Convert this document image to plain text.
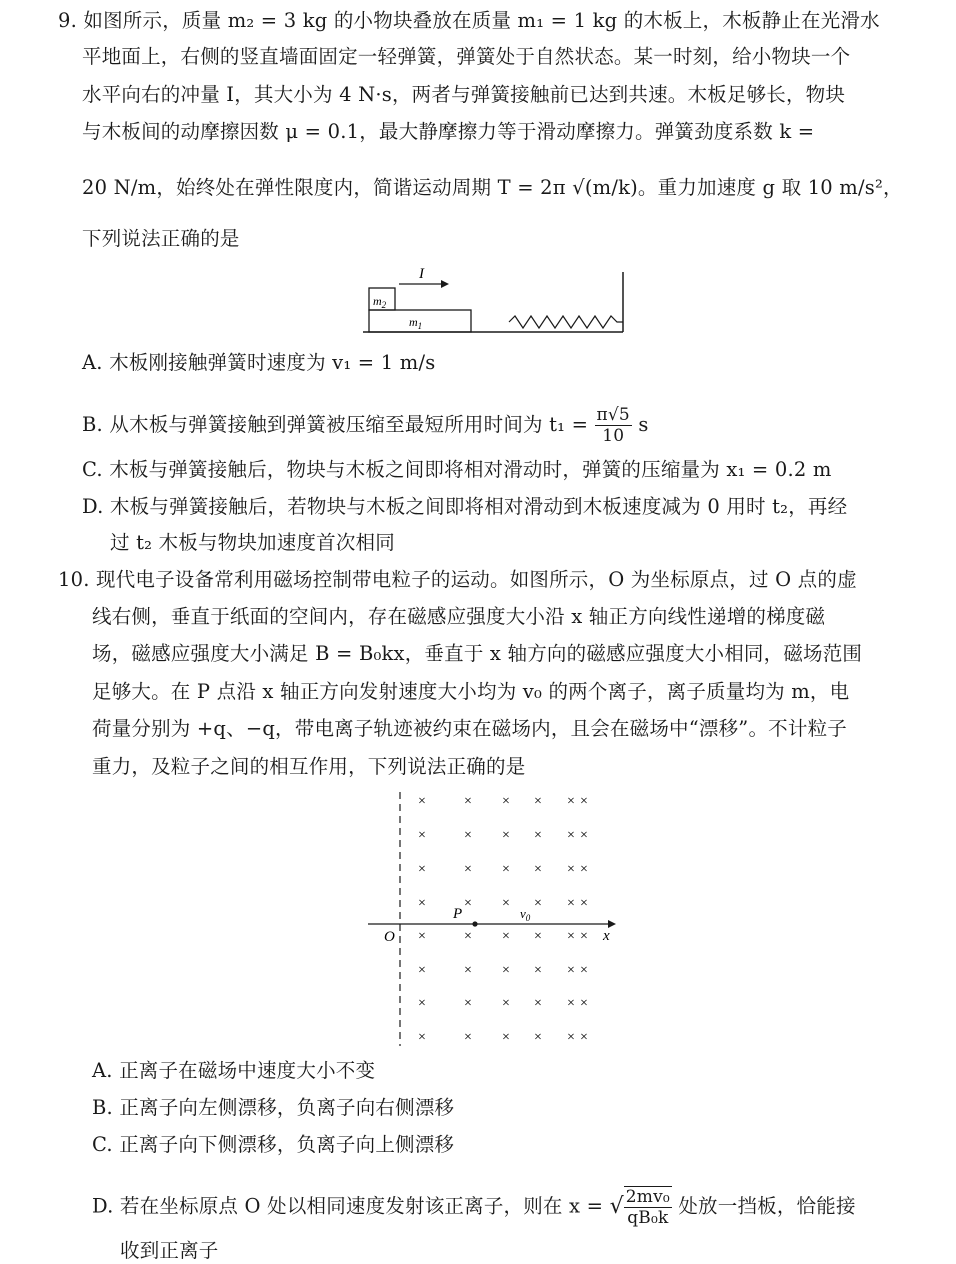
9. 如图所示，质量 m₂ = 3 kg 的小物块叠放在质量 m₁ = 1 kg 的木板上，木板静止在光滑水
平地面上，右侧的竖直墙面固定一轻弹簧，弹簧处于自然状态。某一时刻，给小物块一个
水平向右的冲量 I，其大小为 4 N·s，两者与弹簧接触前已达到共速。木板足够长，物块
与木板间的动摩擦因数 μ = 0.1，最大静摩擦力等于滑动摩擦力。弹簧劲度系数 k =
20 N/m，始终处在弹性限度内，简谐运动周期 T = 2π √(m/k)。重力加速度 g 取 10 m/s²，
下列说法正确的是
$m_2$
$m_1$
I
A. 木板刚接触弹簧时速度为 v₁ = 1 m/s
B. 从木板与弹簧接触到弹簧被压缩至最短所用时间为 $t_1 = \frac{\pi√5}{10}$ s
C. 木板与弹簧接触后，物块与木板之间即将相对滑动时，弹簧的压缩量为 x₁ = 0.2 m
D. 木板与弹簧接触后，若物块与木板之间即将相对滑动到木板速度减为 0 用时 t₂，再经
过 t₂ 木板与物块加速度首次相同
10. 现代电子设备常利用磁场控制带电粒子的运动。如图所示，O 为坐标原点，过 O 点的虚
线右侧，垂直于纸面的空间内，存在磁感应强度大小沿 x 轴正方向线性递增的梯度磁
场，磁感应强度大小满足 B = B₀kx，垂直于 x 轴方向的磁感应强度大小相同，磁场范围
足够大。在 P 点沿 x 轴正方向发射速度大小均为 v₀ 的两个离子，离子质量均为 m，电
荷量分别为 +q、−q，带电离子轨迹被约束在磁场内，且会在磁场中“漂移”。不计粒子
重力，及粒子之间的相互作用，下列说法正确的是
x
O
P	$v_0$
×	× × × × ×
×	× × × × ×
×	× × × × ×
×	× × × × ×
×	× × × × ×
×	× × × × ×
×	× × × × ×
×	× × × × ×
A. 正离子在磁场中速度大小不变
B. 正离子向左侧漂移，负离子向右侧漂移
C. 正离子向下侧漂移，负离子向上侧漂移
D. 若在坐标原点 O 处以相同速度发射该正离子，则在 x = √ $\frac{\text{2mv₀}}{\text{qB₀k}}$ 处放一挡板，恰能接
收到正离子
